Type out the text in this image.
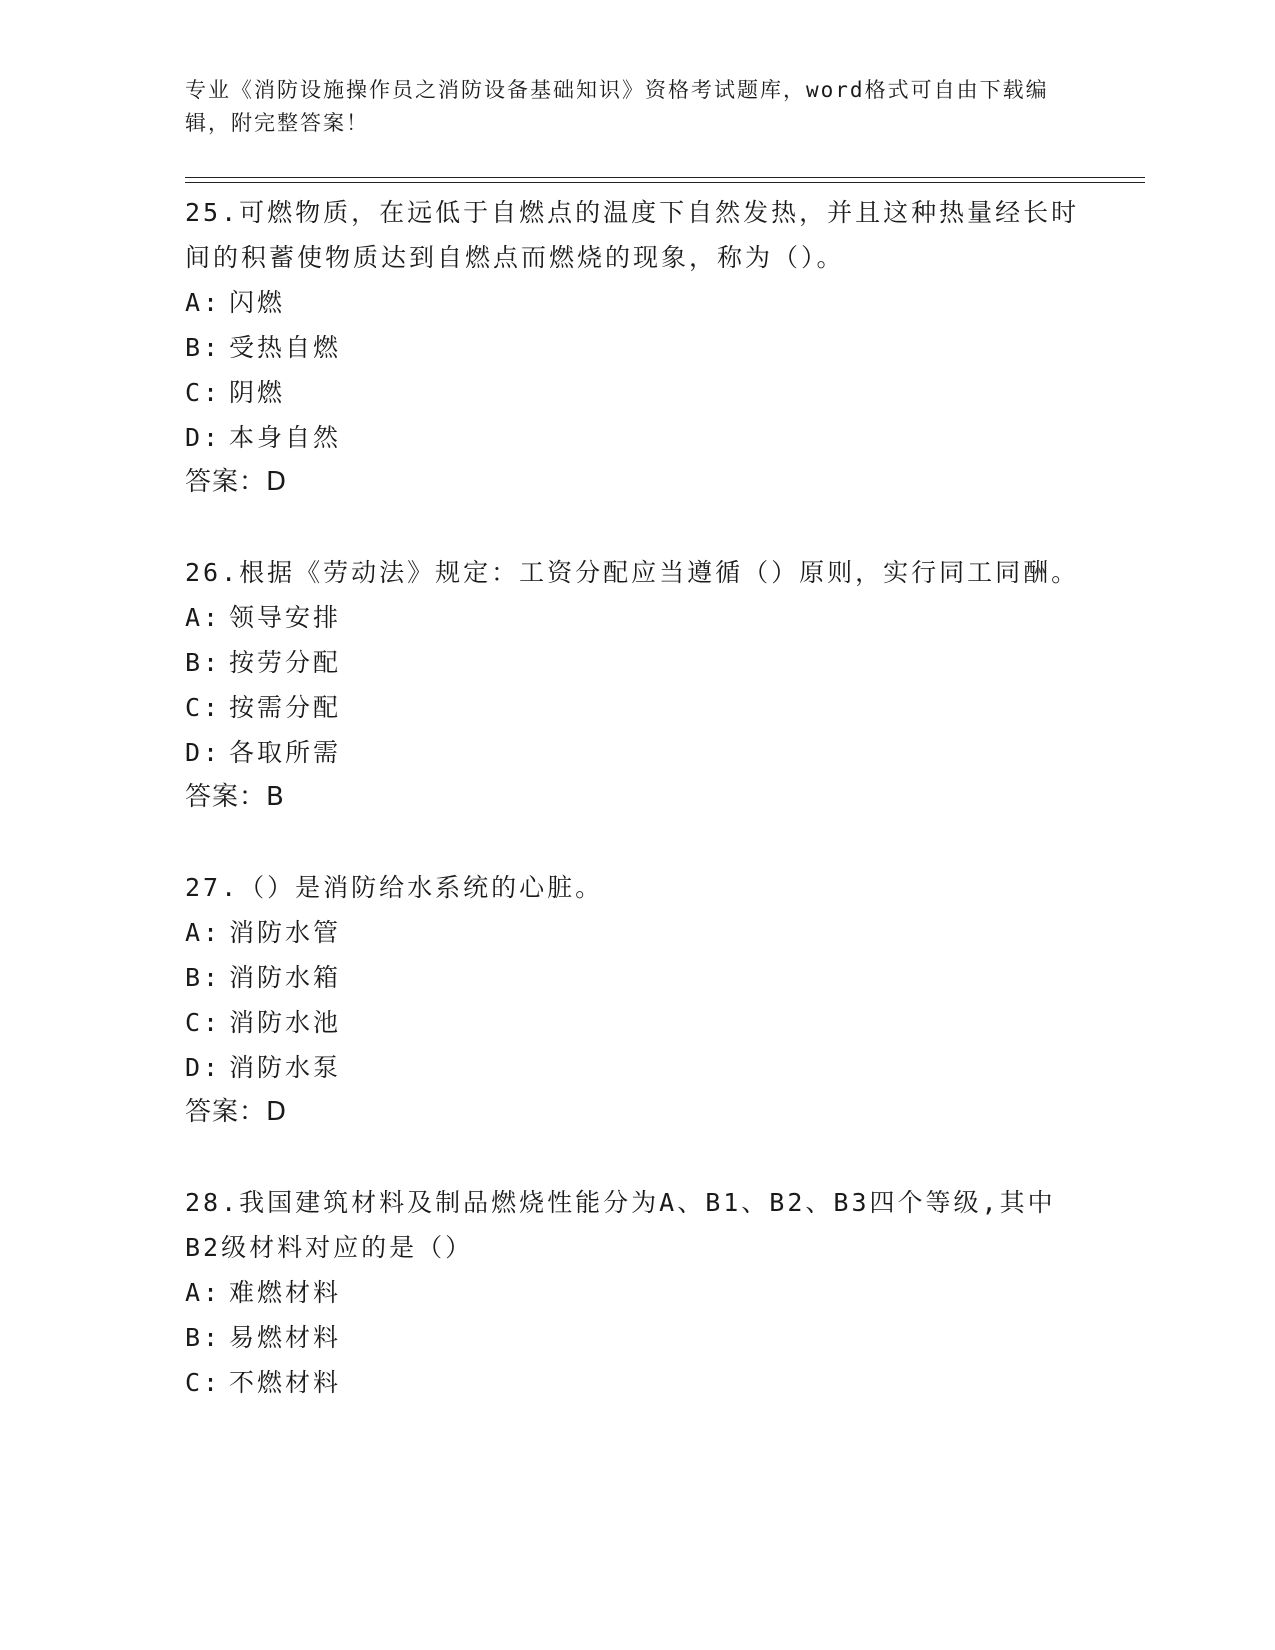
专业《消防设施操作员之消防设备基础知识》资格考试题库，word格式可自由下载编辑，附完整答案！

25.可燃物质，在远低于自燃点的温度下自然发热，并且这种热量经长时间的积蓄使物质达到自燃点而燃烧的现象，称为（）。

A: 闪燃
B: 受热自燃
C: 阴燃
D: 本身自然
答案：D

26.根据《劳动法》规定：工资分配应当遵循（）原则，实行同工同酬。

A: 领导安排
B: 按劳分配
C: 按需分配
D: 各取所需
答案：B

27.（）是消防给水系统的心脏。

A: 消防水管
B: 消防水箱
C: 消防水池
D: 消防水泵
答案：D

28.我国建筑材料及制品燃烧性能分为A、B1、B2、B3四个等级,其中B2级材料对应的是（）

A: 难燃材料
B: 易燃材料
C: 不燃材料
